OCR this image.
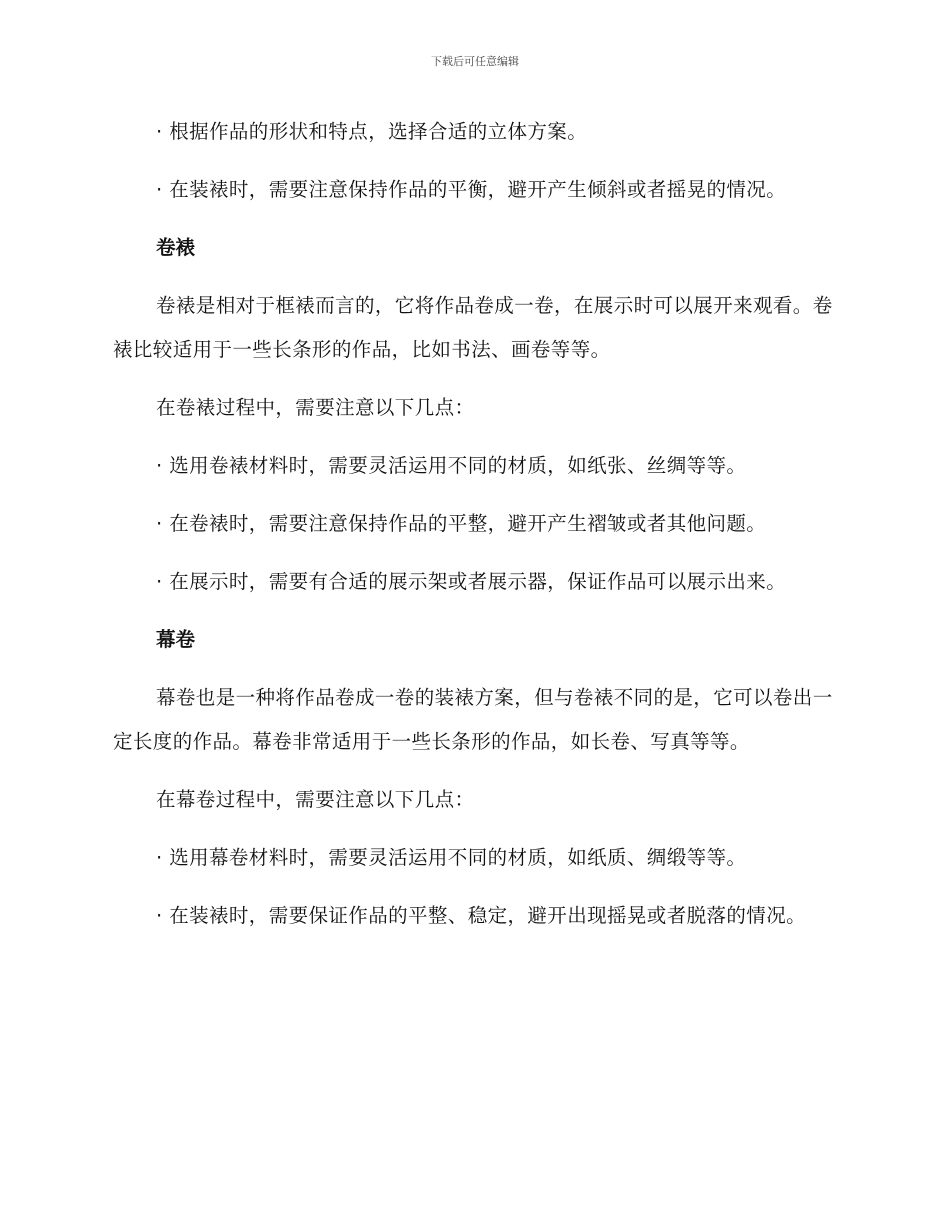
下载后可任意编辑

· 根据作品的形状和特点，选择合适的立体方案。

· 在装裱时，需要注意保持作品的平衡，避开产生倾斜或者摇晃的情况。

卷裱

卷裱是相对于框裱而言的，它将作品卷成一卷，在展示时可以展开来观看。卷裱比较适用于一些长条形的作品，比如书法、画卷等等。

在卷裱过程中，需要注意以下几点：

· 选用卷裱材料时，需要灵活运用不同的材质，如纸张、丝绸等等。

· 在卷裱时，需要注意保持作品的平整，避开产生褶皱或者其他问题。

· 在展示时，需要有合适的展示架或者展示器，保证作品可以展示出来。

幕卷

幕卷也是一种将作品卷成一卷的装裱方案，但与卷裱不同的是，它可以卷出一定长度的作品。幕卷非常适用于一些长条形的作品，如长卷、写真等等。

在幕卷过程中，需要注意以下几点：

· 选用幕卷材料时，需要灵活运用不同的材质，如纸质、绸缎等等。

· 在装裱时，需要保证作品的平整、稳定，避开出现摇晃或者脱落的情况。
